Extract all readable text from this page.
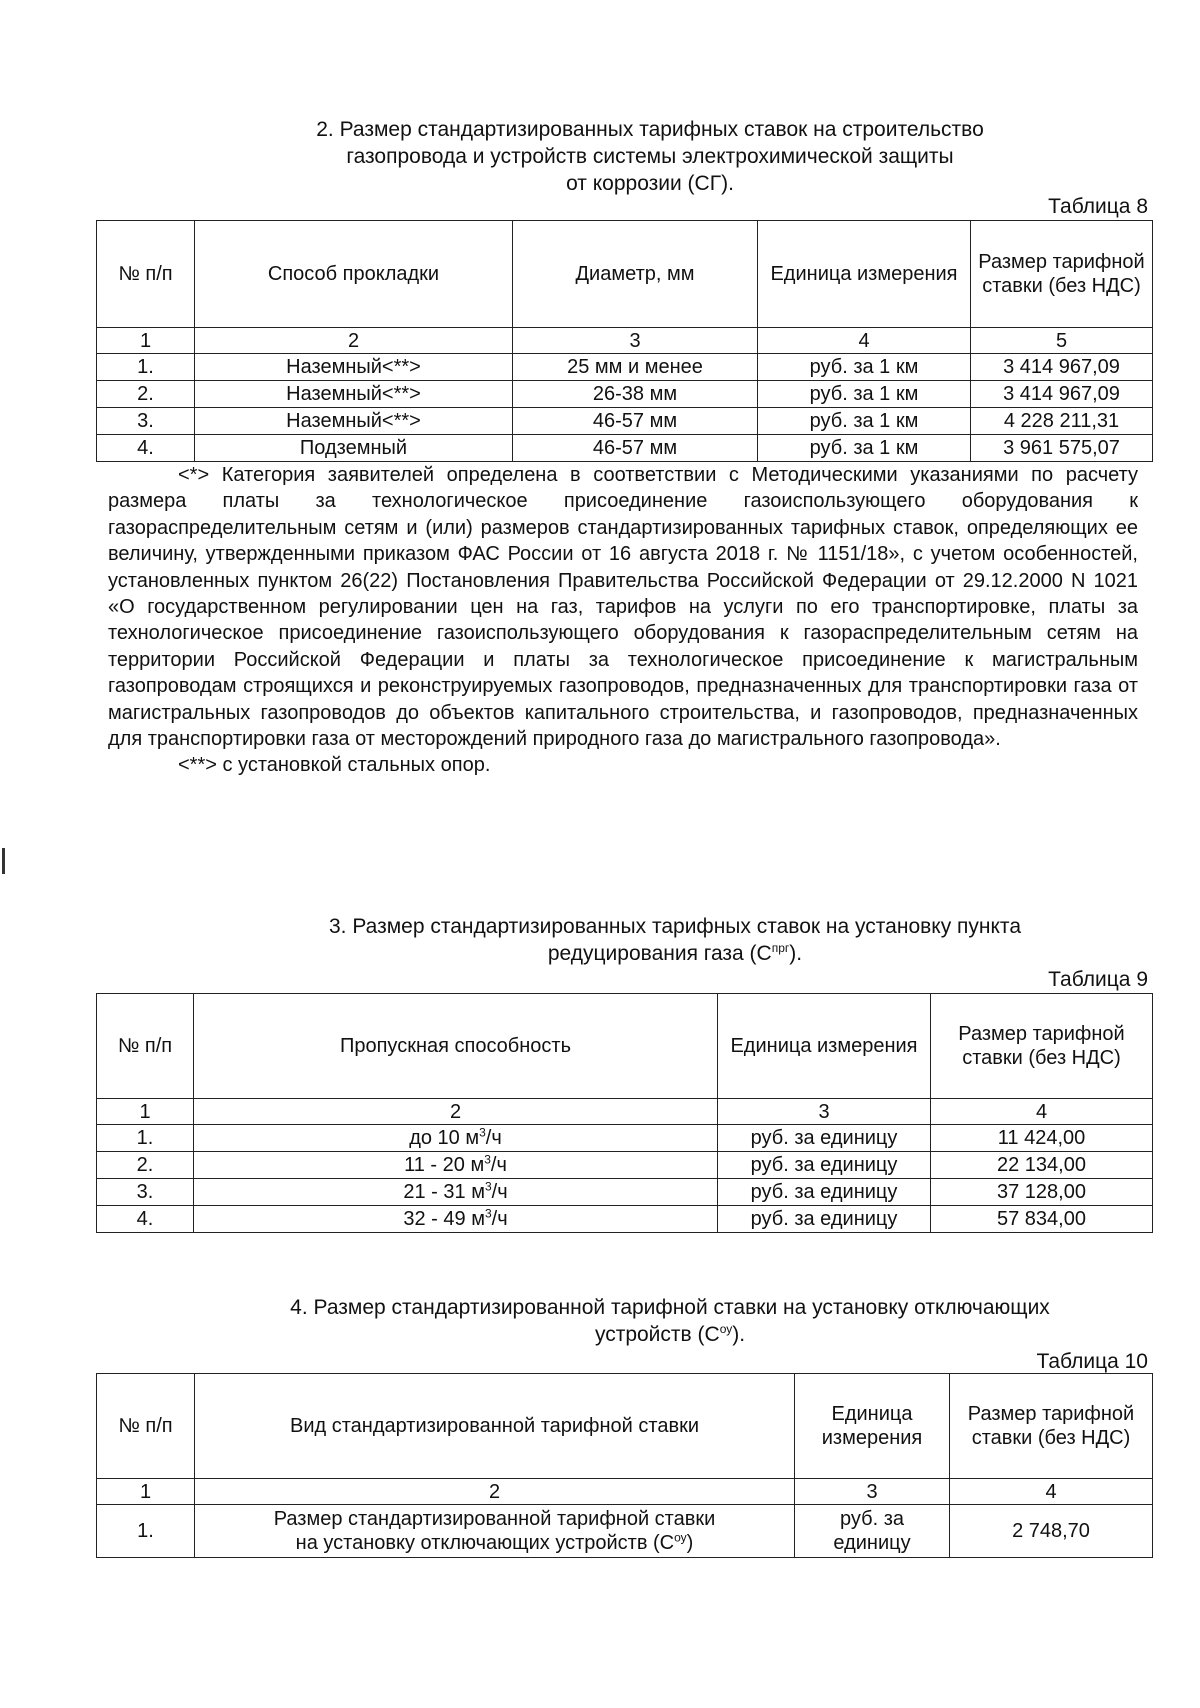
2. Размер стандартизированных тарифных ставок на строительство
газопровода и устройств системы электрохимической защиты
от коррозии (СГ).
Таблица 8
№ п/п	Способ прокладки	Диаметр, мм	Единица измерения	Размер тарифной ставки (без НДС)
1	2	3	4	5
1.	Наземный<**>	25 мм и менее	руб. за 1 км	3 414 967,09
2.	Наземный<**>	26-38 мм	руб. за 1 км	3 414 967,09
3.	Наземный<**>	46-57 мм	руб. за 1 км	4 228 211,31
4.	Подземный	46-57 мм	руб. за 1 км	3 961 575,07

<*> Категория заявителей определена в соответствии с Методическими указаниями по расчету размера платы за технологическое присоединение газоиспользующего оборудования к газораспределительным сетям и (или) размеров стандартизированных тарифных ставок, определяющих ее величину, утвержденными приказом ФАС России от 16 августа 2018 г. № 1151/18», с учетом особенностей, установленных пунктом 26(22) Постановления Правительства Российской Федерации от 29.12.2000 N 1021 «О государственном регулировании цен на газ, тарифов на услуги по его транспортировке, платы за технологическое присоединение газоиспользующего оборудования к газораспределительным сетям на территории Российской Федерации и платы за технологическое присоединение к магистральным газопроводам строящихся и реконструируемых газопроводов, предназначенных для транспортировки газа от магистральных газопроводов до объектов капитального строительства, и газопроводов, предназначенных для транспортировки газа от месторождений природного газа до магистрального газопровода».

<**> с установкой стальных опор.

3. Размер стандартизированных тарифных ставок на установку пункта
редуцирования газа $(С^{прг})$.
Таблица 9
№ п/п	Пропускная способность	Единица измерения	Размер тарифной ставки (без НДС)
1	2	3	4
1.	до 10 $м^3/ч$	руб. за единицу	11 424,00
2.	11 - 20 $м^3/ч$	руб. за единицу	22 134,00
3.	21 - 31 $м^3/ч$	руб. за единицу	37 128,00
4.	32 - 49 $м^3/ч$	руб. за единицу	57 834,00
4. Размер стандартизированной тарифной ставки на установку отключающих
устройств $(С^{оу})$.
Таблица 10
№ п/п	Вид стандартизированной тарифной ставки	Единица измерения	Размер тарифной ставки (без НДС)
1	2	3	4
1.	Размер стандартизированной тарифной ставки
на установку отключающих устройств $(С^{оу})$	руб. за единицу	2 748,70
